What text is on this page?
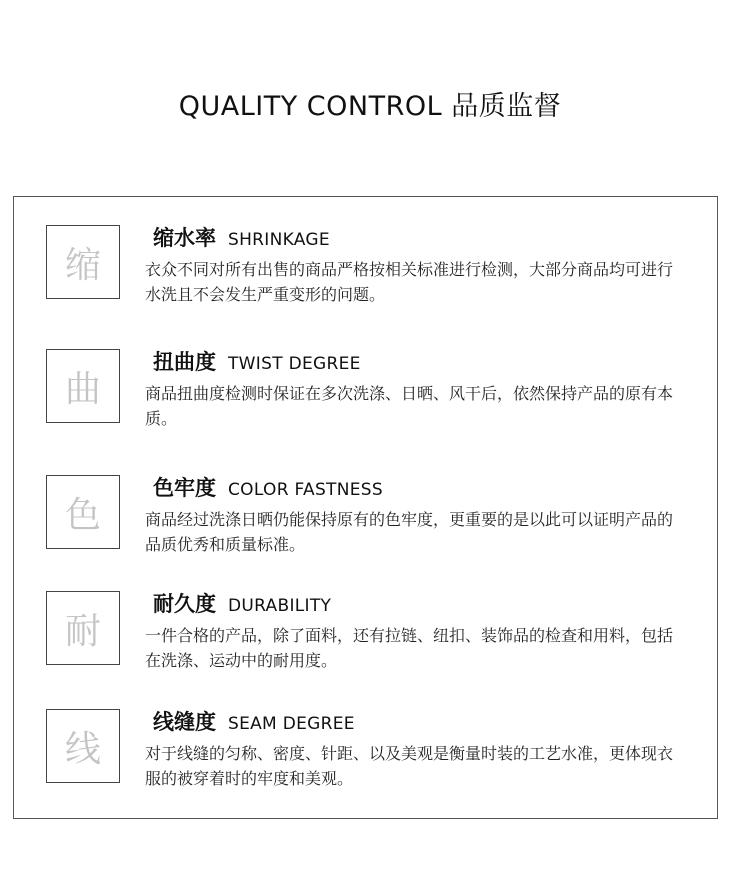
QUALITY CONTROL 品质监督
缩
缩水率 SHRINKAGE

衣众不同对所有出售的商品严格按相关标准进行检测，大部分商品均可进行水洗且不会发生严重变形的问题。

曲
扭曲度 TWIST DEGREE

商品扭曲度检测时保证在多次洗涤、日晒、风干后，依然保持产品的原有本质。

色
色牢度 COLOR FASTNESS

商品经过洗涤日晒仍能保持原有的色牢度，更重要的是以此可以证明产品的品质优秀和质量标准。

耐
耐久度 DURABILITY

一件合格的产品，除了面料，还有拉链、纽扣、装饰品的检查和用料，包括在洗涤、运动中的耐用度。

线
线缝度 SEAM DEGREE

对于线缝的匀称、密度、针距、以及美观是衡量时装的工艺水准，更体现衣服的被穿着时的牢度和美观。
